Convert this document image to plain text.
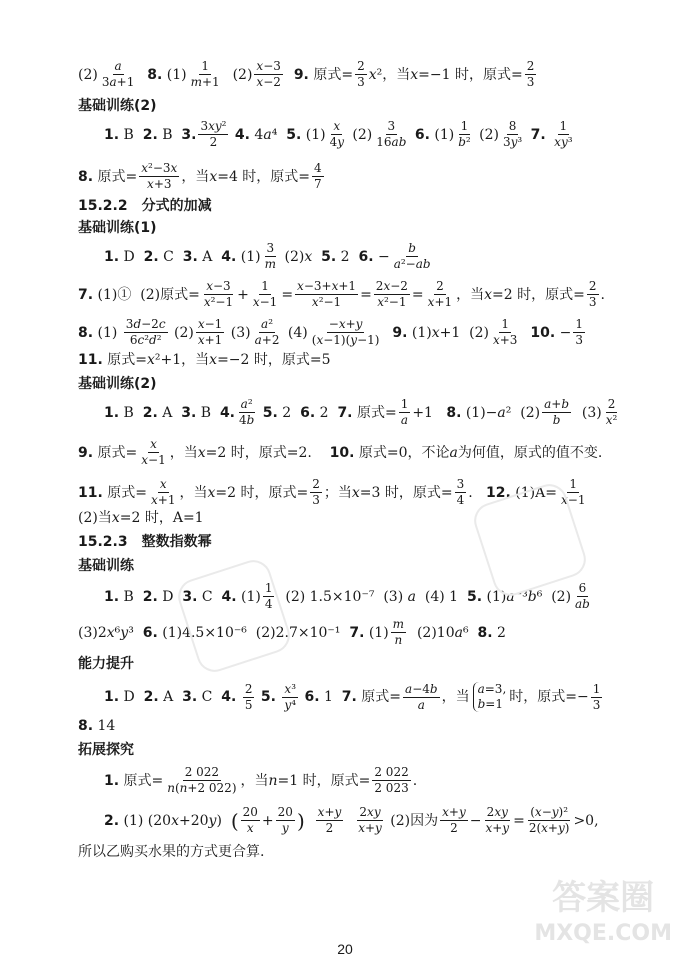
$(2) \frac{a}{3a+1}$
8. $(1) \frac{1}{m+1} (2) \frac{x-3}{x-2}$
9. 原式= $\frac{2}{3}$ x ²，当 x =−1 时，原式= $\frac{2}{3}$
基础训练(2)
1. B 2. B 3. $\frac{\text{3xy²}}{2}$
4. 4 a ⁴ 5. $(1) \frac{x}{4y} (2) \frac{3}{16ab}$
6. $(1) \frac{1}{\text{b²}} (2) \frac{8}{\text{3y³}}$
7.
$\frac{1}{\text{xy³}}$
8. 原式= $\frac{\text{x²−3x}}{x+3}$ ，当 x =4 时，原式= $\frac{4}{7}$
15.2.2　分式的加减
基础训练(1)
1. D 2. C 3. A 4. $(1) \frac{3}{m} (2)$ x
5. 2 6. − $\frac{b}{\text{a²−ab}}$
7. (1)①  (2)原式= $\frac{x-3}{\text{x²−1}} + \frac{1}{x-1} = \frac{x-3+x+1}{\text{x²−1}} = \frac{2x-2}{\text{x²−1}} = \frac{2}{x+1}$ ，当 x =2 时，原式= $\frac{2}{3}$ .
8. $(1) \frac{3d-2c}{\text{6c²d²}} (2) \frac{x-1}{x+1} (3) \frac{\text{a²}}{a+2} (4) \frac{-x+y}{(x-1)(y-1)}$
9. (1) x +1  $(2) \frac{1}{x+3}$
10. − $\frac{1}{3}$
11. 原式= x ²+1，当 x =−2 时，原式=5
基础训练(2)
1. B 2. A 3. B 4. $\frac{\text{a²}}{4b}$
5. 2 6. 2 7. 原式= $\frac{1}{a} +1$ 8. (1)− a ²  $(2) \frac{a+b}{b} (3) \frac{2}{\text{x²}}$
9. 原式= $\frac{x}{x-1}$ ，当 x =2 时，原式=2. 10. 原式=0，不论 a 为何值，原式的值不变.
11. 原式= $\frac{x}{x+1}$ ，当 x =2 时，原式= $\frac{2}{3}$ ；当 x =3 时，原式= $\frac{3}{4}$ . 12. $(1)A= \frac{1}{x-1}$
(2)当 x =2 时，A=1
15.2.3　整数指数幂
基础训练
1. B 2. D 3. C 4. $(1) \frac{1}{4} (2)$ 1.5×10⁻⁷  (3) a (4) 1 5. (1) a ⁻³ b ⁶  $(2) \frac{6}{ab}$
(3)2 x ⁶ y ³ 6. (1)4.5×10⁻⁶  (2)2.7×10⁻¹ 7. $(1) \frac{m}{n} (2)10$ a ⁶ 8. 2
能力提升
1. D 2. A 3. C 4.
$\frac{2}{5}$
5.
$\frac{\text{x³}}{\text{y⁴}}$
6. 1 7. 原式= $\frac{a-4b}{a}$ ，当 a=3,
b=1 时，原式=− $\frac{1}{3}$
8. 14
拓展探究
1. 原式= $\frac{2 022}{n(n+2 022)}$ ，当 n =1 时，原式= $\frac{2 022}{2 023}$ .
2. (1) (20 x +20 y ) ( $\frac{20}{x} + \frac{20}{y}$ )
$\frac{x+y}{2}$
$\frac{2xy}{x+y} (2)$因为 $\frac{x+y}{2} - \frac{2xy}{x+y} = \frac{\text{(x−y)²}}{2(x+y)} >0$,
所以乙购买水果的方式更合算.
答案圈
MXQE.COM
20
